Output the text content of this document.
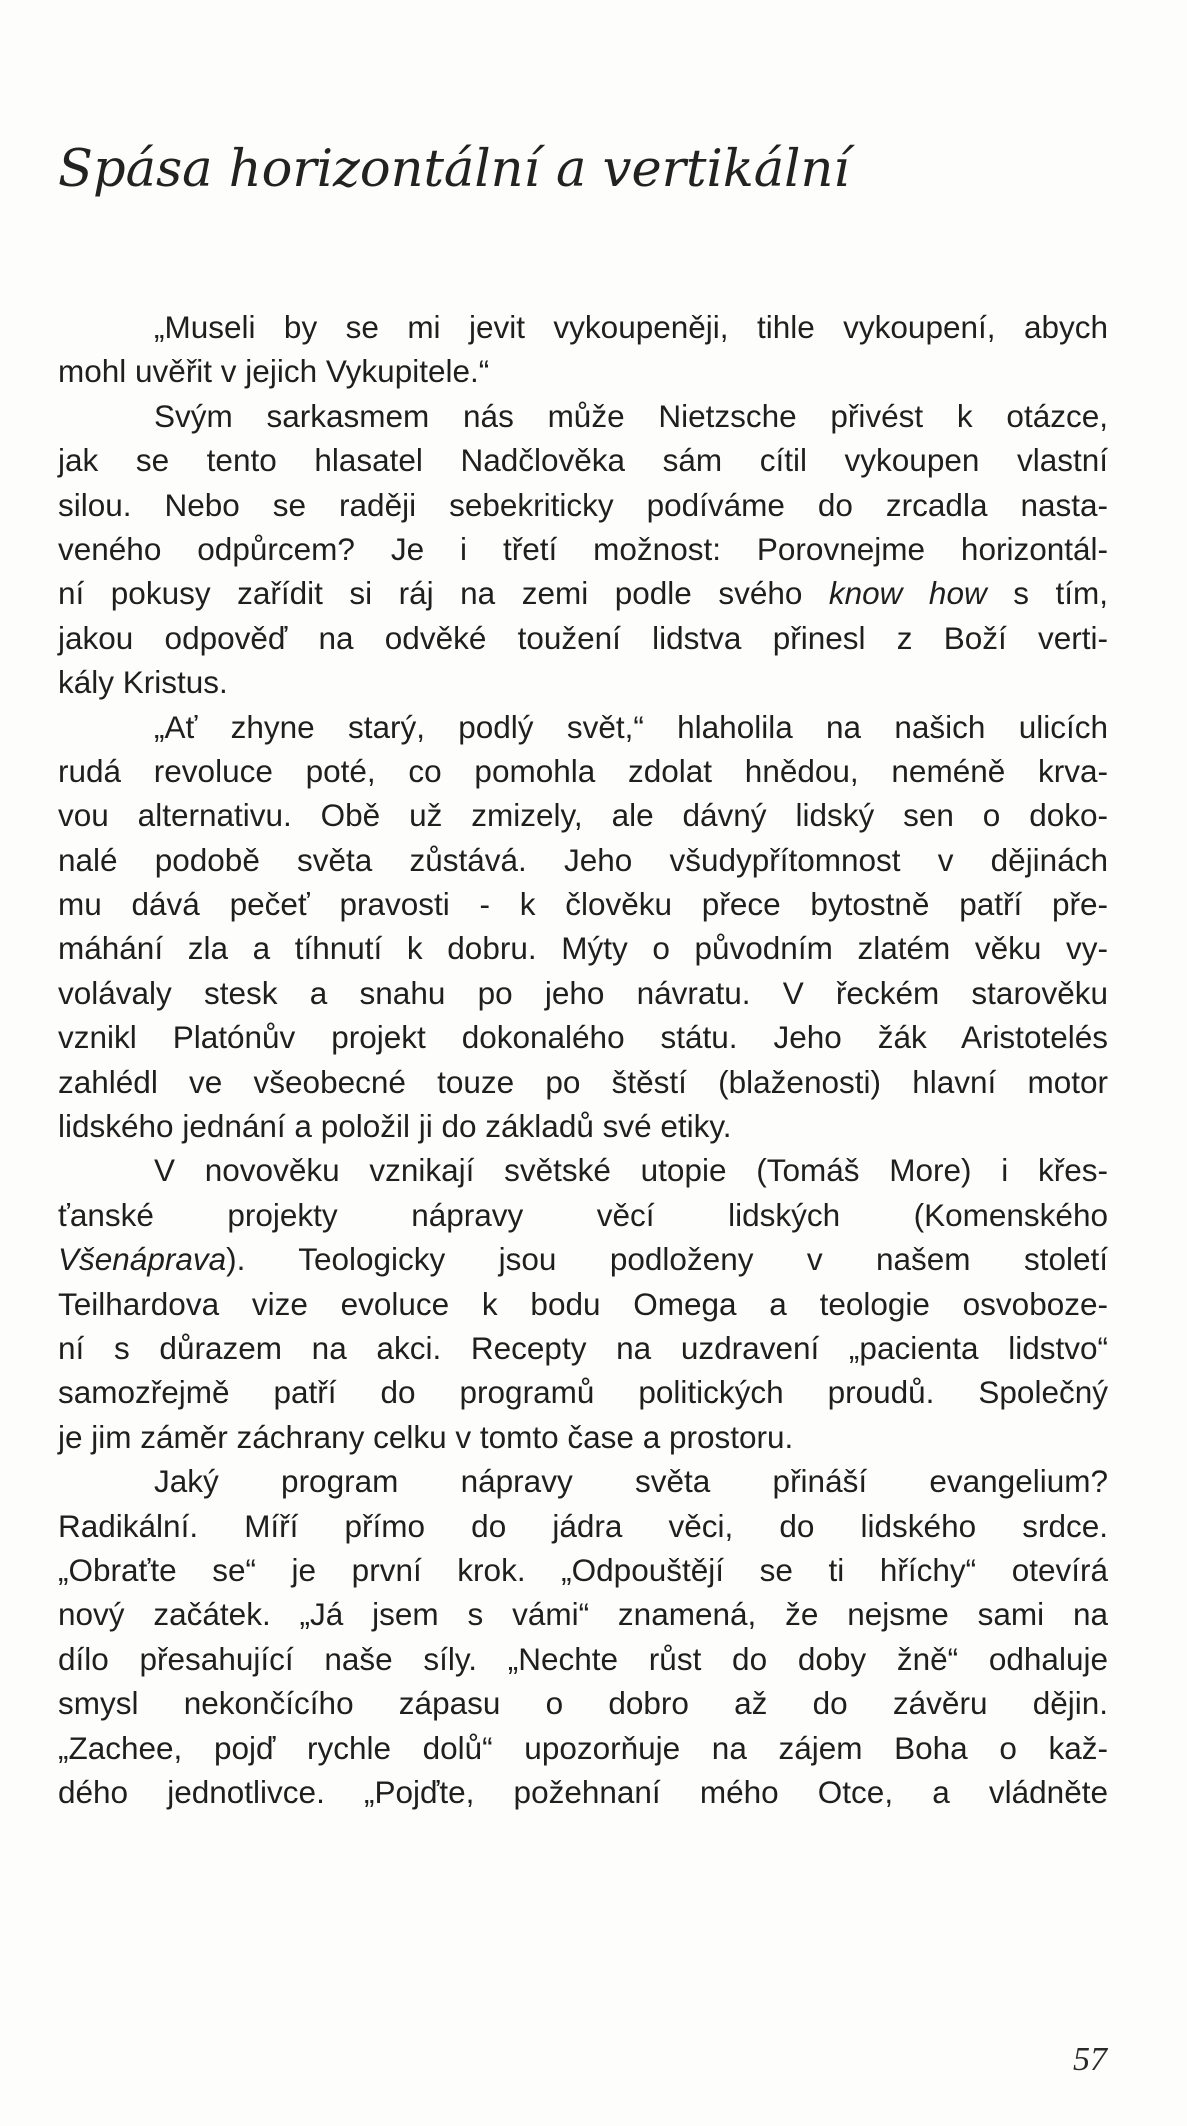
Spása horizontální a vertikální

„Museli by se mi jevit vykoupeněji, tihle vykoupení, abych
mohl uvěřit v jejich Vykupitele.“

Svým sarkasmem nás může Nietzsche přivést k otázce,
jak se tento hlasatel Nadčlověka sám cítil vykoupen vlastní
silou. Nebo se raději sebekriticky podíváme do zrcadla nasta-
veného odpůrcem? Je i třetí možnost: Porovnejme horizontál-
ní pokusy zařídit si ráj na zemi podle svého know how s tím,
jakou odpověď na odvěké toužení lidstva přinesl z Boží verti-
kály Kristus.

„Ať zhyne starý, podlý svět,“ hlaholila na našich ulicích
rudá revoluce poté, co pomohla zdolat hnědou, neméně krva-
vou alternativu. Obě už zmizely, ale dávný lidský sen o doko-
nalé podobě světa zůstává. Jeho všudypřítomnost v dějinách
mu dává pečeť pravosti - k člověku přece bytostně patří pře-
máhání zla a tíhnutí k dobru. Mýty o původním zlatém věku vy-
volávaly stesk a snahu po jeho návratu. V řeckém starověku
vznikl Platónův projekt dokonalého státu. Jeho žák Aristotelés
zahlédl ve všeobecné touze po štěstí (blaženosti) hlavní motor
lidského jednání a položil ji do základů své etiky.

V novověku vznikají světské utopie (Tomáš More) i křes-
ťanské projekty nápravy věcí lidských (Komenského
Všenáprava). Teologicky jsou podloženy v našem století
Teilhardova vize evoluce k bodu Omega a teologie osvoboze-
ní s důrazem na akci. Recepty na uzdravení „pacienta lidstvo“
samozřejmě patří do programů politických proudů. Společný
je jim záměr záchrany celku v tomto čase a prostoru.

Jaký program nápravy světa přináší evangelium?
Radikální. Míří přímo do jádra věci, do lidského srdce.
„Obraťte se“ je první krok. „Odpouštějí se ti hříchy“ otevírá
nový začátek. „Já jsem s vámi“ znamená, že nejsme sami na
dílo přesahující naše síly. „Nechte růst do doby žně“ odhaluje
smysl nekončícího zápasu o dobro až do závěru dějin.
„Zachee, pojď rychle dolů“ upozorňuje na zájem Boha o kaž-
dého jednotlivce. „Pojďte, požehnaní mého Otce, a vládněte

57
